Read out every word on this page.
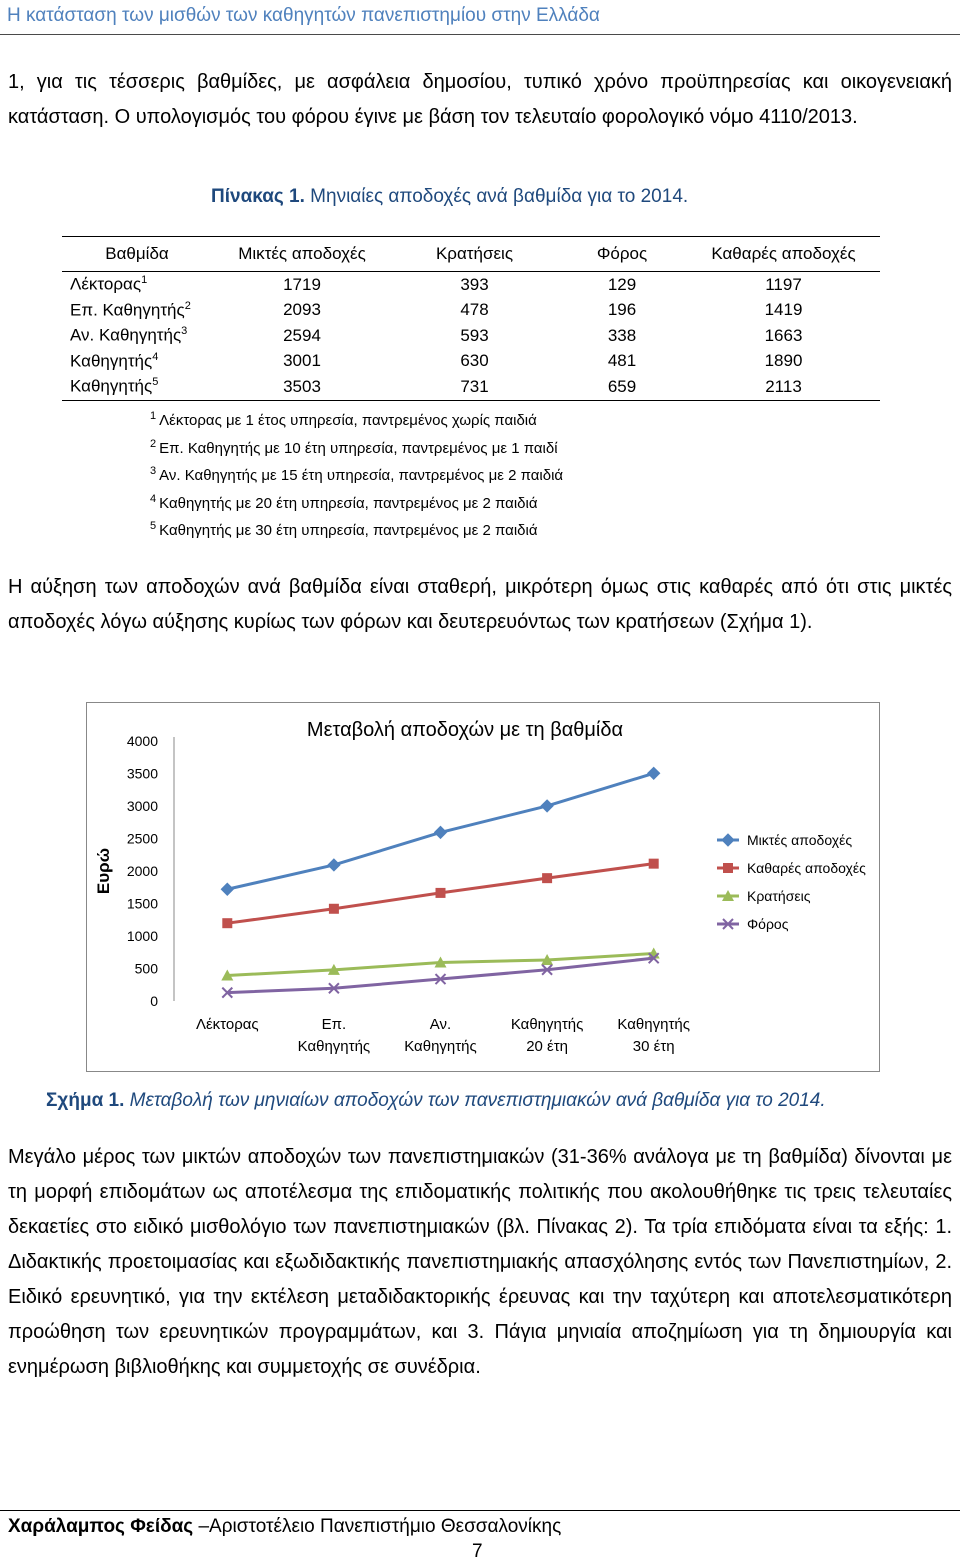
Η κατάσταση των μισθών των καθηγητών πανεπιστημίου στην Ελλάδα

1, για τις τέσσερις βαθμίδες, με ασφάλεια δημοσίου, τυπικό χρόνο προϋπηρεσίας και οικογενειακή κατάσταση. Ο υπολογισμός του φόρου έγινε με βάση τον τελευταίο φορολογικό νόμο 4110/2013.

Πίνακας 1. Μηνιαίες αποδοχές ανά βαθμίδα για το 2014.
Βαθμίδα	Μικτές αποδοχές	Κρατήσεις	Φόρος	Καθαρές αποδοχές
Λέκτορας$^1$	1719	393	129	1197
Επ. Καθηγητής$^2$	2093	478	196	1419
Αν. Καθηγητής$^3$	2594	593	338	1663
Καθηγητής$^4$	3001	630	481	1890
Καθηγητής$^5$	3503	731	659	2113
$^1$ Λέκτορας με 1 έτος υπηρεσία, παντρεμένος χωρίς παιδιά
$^2$ Επ. Καθηγητής με 10 έτη υπηρεσία, παντρεμένος με 1 παιδί
$^3$ Αν. Καθηγητής με 15 έτη υπηρεσία, παντρεμένος με 2 παιδιά
$^4$ Καθηγητής με 20 έτη υπηρεσία, παντρεμένος με 2 παιδιά
$^5$ Καθηγητής με 30 έτη υπηρεσία, παντρεμένος με 2 παιδιά

Η αύξηση των αποδοχών ανά βαθμίδα είναι σταθερή, μικρότερη όμως στις καθαρές από ότι στις μικτές αποδοχές λόγω αύξησης κυρίως των φόρων και δευτερευόντως των κρατήσεων (Σχήμα 1).

Μεταβολή αποδοχών με τη βαθμίδα
Ευρώ
0
500
1000
1500
2000
2500
3000
3500
4000
Λέκτορας	Επ. Καθηγητής
Αν. Καθηγητής
Καθηγητής 20 έτη
Καθηγητής 30 έτη
Μικτές αποδοχές
Καθαρές αποδοχές
Κρατήσεις
Φόρος
Σχήμα 1. Μεταβολή των μηνιαίων αποδοχών των πανεπιστημιακών ανά βαθμίδα για το 2014.

Μεγάλο μέρος των μικτών αποδοχών των πανεπιστημιακών (31-36% ανάλογα με τη βαθμίδα) δίνονται με τη μορφή επιδομάτων ως αποτέλεσμα της επιδοματικής πολιτικής που ακολουθήθηκε τις τρεις τελευταίες δεκαετίες στο ειδικό μισθολόγιο των πανεπιστημιακών (βλ. Πίνακας 2). Τα τρία επιδόματα είναι τα εξής: 1. Διδακτικής προετοιμασίας και εξωδιδακτικής πανεπιστημιακής απασχόλησης εντός των Πανεπιστημίων, 2. Ειδικό ερευνητικό, για την εκτέλεση μεταδιδακτορικής έρευνας και την ταχύτερη και αποτελεσματικότερη προώθηση των ερευνητικών προγραμμάτων, και 3. Πάγια μηνιαία αποζημίωση για τη δημιουργία και ενημέρωση βιβλιοθήκης και συμμετοχής σε συνέδρια.

Χαράλαμπος Φείδας –Αριστοτέλειο Πανεπιστήμιο Θεσσαλονίκης
7
